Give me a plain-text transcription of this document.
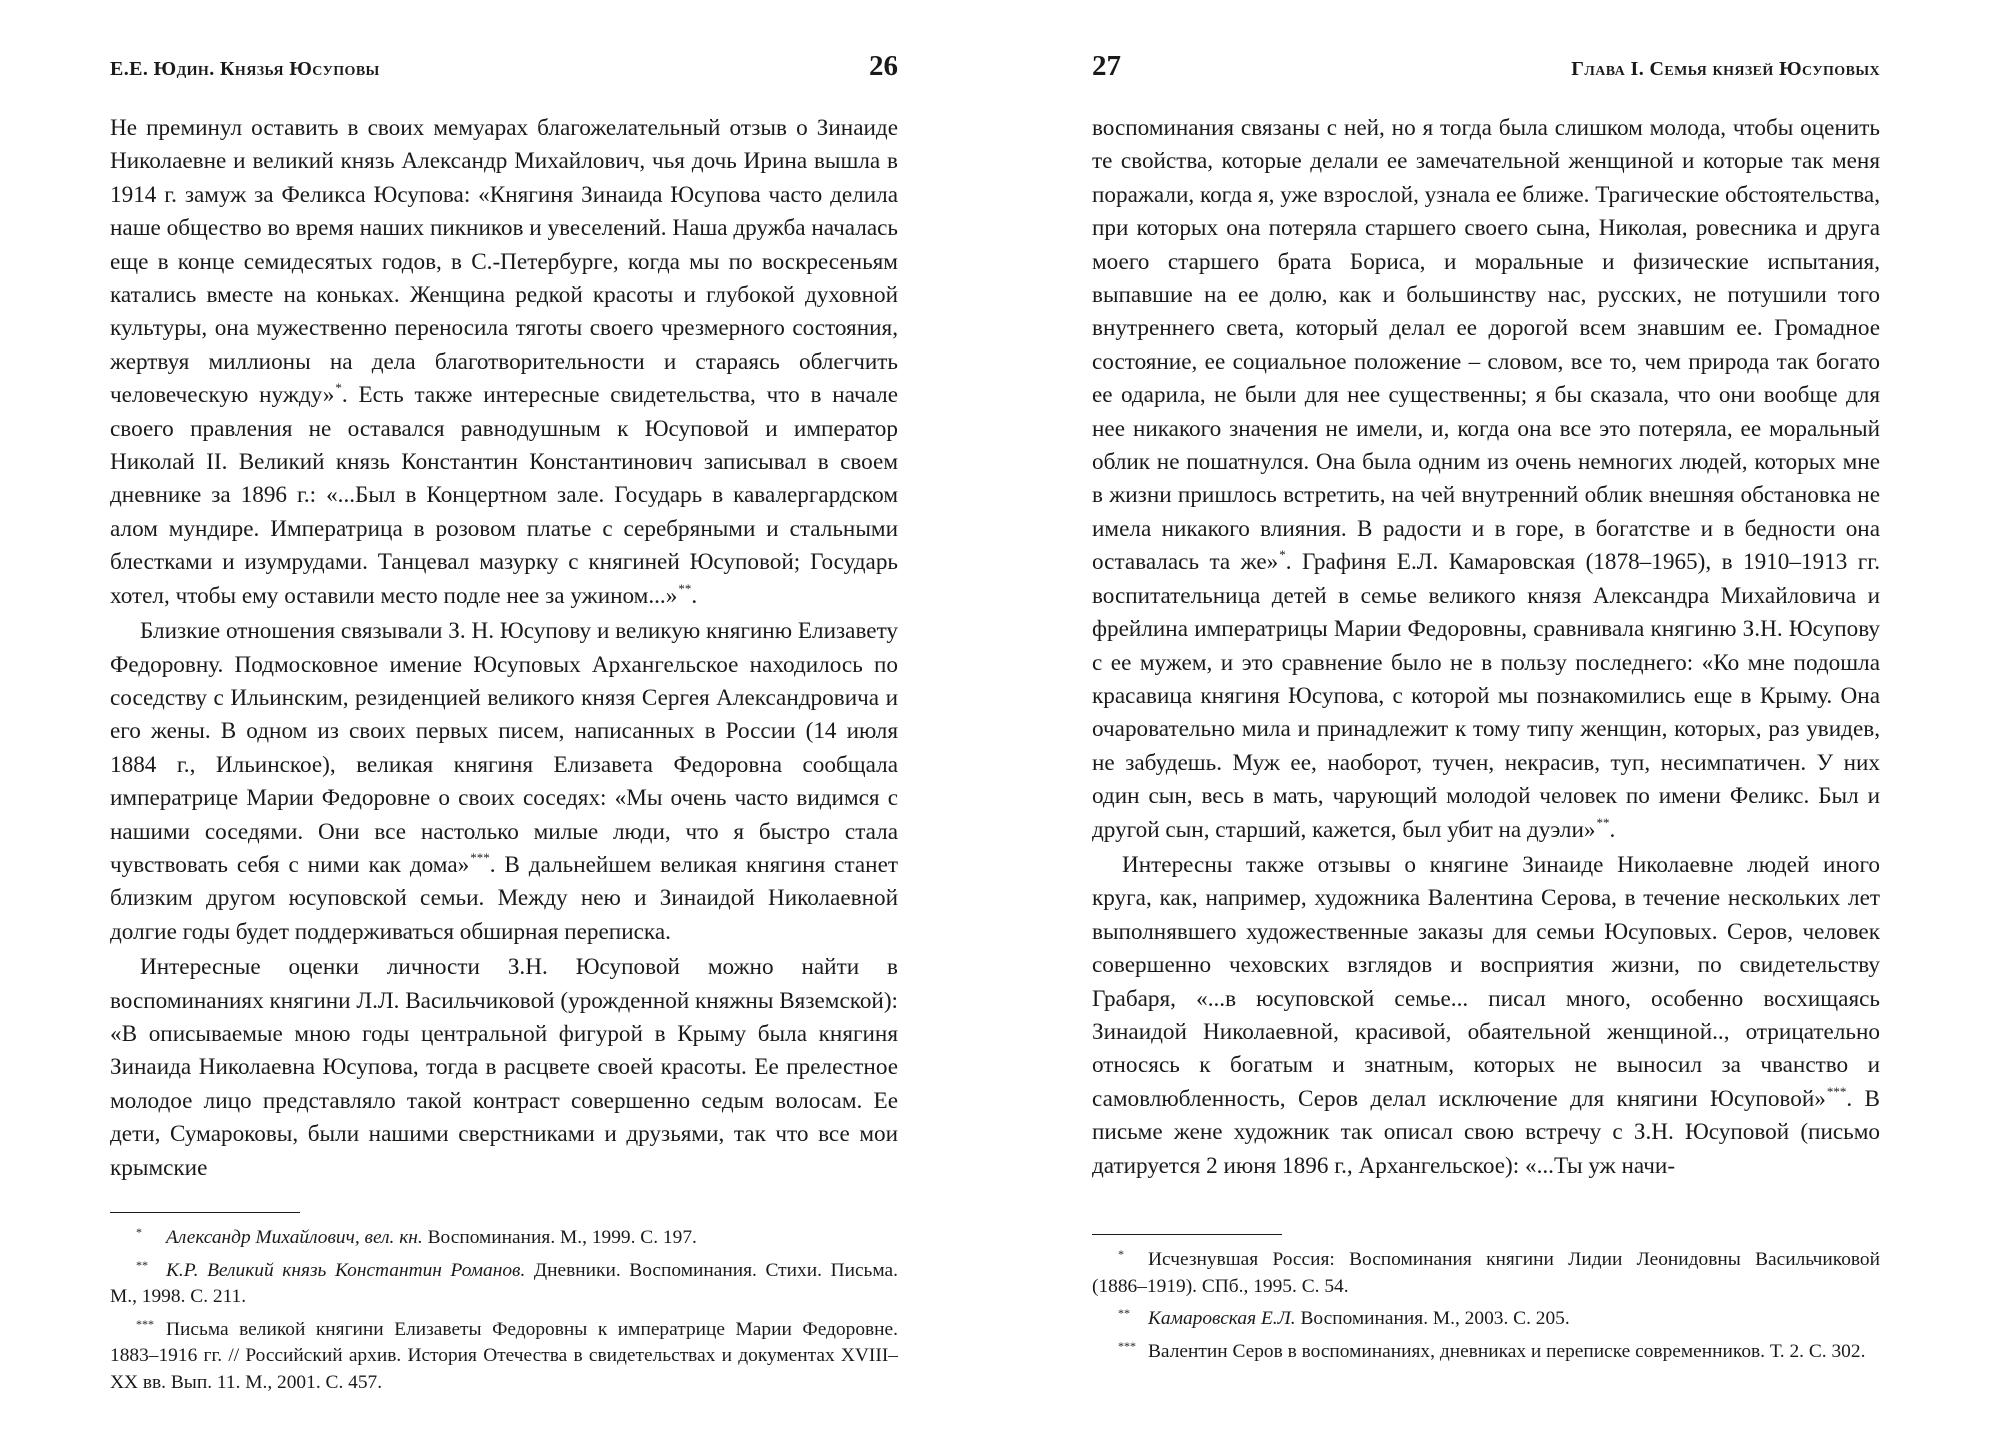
Е.Е. Юдин. Князья Юсуповы	26

Не преминул оставить в своих мемуарах благожелательный отзыв о Зинаиде Николаевне и великий князь Александр Михайлович, чья дочь Ирина вышла в 1914 г. замуж за Феликса Юсупова: «Княгиня Зинаида Юсупова часто делила наше общество во время наших пикников и увеселений. Наша дружба началась еще в конце семидесятых годов, в С.-Петербурге, когда мы по воскресеньям катались вместе на коньках. Женщина редкой красоты и глубокой духовной культуры, она мужественно переносила тяготы своего чрезмерного состояния, жертвуя миллионы на дела благотворительности и стараясь облегчить человеческую нужду»*. Есть также интересные свидетельства, что в начале своего правления не оставался равнодушным к Юсуповой и император Николай II. Великий князь Константин Константинович записывал в своем дневнике за 1896 г.: «...Был в Концертном зале. Государь в кавалергардском алом мундире. Императрица в розовом платье с серебряными и стальными блестками и изумрудами. Танцевал мазурку с княгиней Юсуповой; Государь хотел, чтобы ему оставили место подле нее за ужином...»**.

Близкие отношения связывали З. Н. Юсупову и великую княгиню Елизавету Федоровну. Подмосковное имение Юсуповых Архангельское находилось по соседству с Ильинским, резиденцией великого князя Сергея Александровича и его жены. В одном из своих первых писем, написанных в России (14 июля 1884 г., Ильинское), великая княгиня Елизавета Федоровна сообщала императрице Марии Федоровне о своих соседях: «Мы очень часто видимся с нашими соседями. Они все настолько милые люди, что я быстро стала чувствовать себя с ними как дома»***. В дальнейшем великая княгиня станет близким другом юсуповской семьи. Между нею и Зинаидой Николаевной долгие годы будет поддерживаться обширная переписка.

Интересные оценки личности З.Н. Юсуповой можно найти в воспоминаниях княгини Л.Л. Васильчиковой (урожденной княжны Вяземской): «В описываемые мною годы центральной фигурой в Крыму была княгиня Зинаида Николаевна Юсупова, тогда в расцвете своей красоты. Ее прелестное молодое лицо представляло такой контраст совершенно седым волосам. Ее дети, Сумароковы, были нашими сверстниками и друзьями, так что все мои крымские

* Александр Михайлович, вел. кн. Воспоминания. М., 1999. С. 197.
** К.Р. Великий князь Константин Романов. Дневники. Воспоминания. Стихи. Письма. М., 1998. С. 211.
*** Письма великой княгини Елизаветы Федоровны к императрице Марии Федоровне. 1883–1916 гг. // Российский архив. История Отечества в свидетельствах и документах XVIII–XX вв. Вып. 11. М., 2001. С. 457.
27	Глава I. Семья князей Юсуповых

воспоминания связаны с ней, но я тогда была слишком молода, чтобы оценить те свойства, которые делали ее замечательной женщиной и которые так меня поражали, когда я, уже взрослой, узнала ее ближе. Трагические обстоятельства, при которых она потеряла старшего своего сына, Николая, ровесника и друга моего старшего брата Бориса, и моральные и физические испытания, выпавшие на ее долю, как и большинству нас, русских, не потушили того внутреннего света, который делал ее дорогой всем знавшим ее. Громадное состояние, ее социальное положение – словом, все то, чем природа так богато ее одарила, не были для нее существенны; я бы сказала, что они вообще для нее никакого значения не имели, и, когда она все это потеряла, ее моральный облик не пошатнулся. Она была одним из очень немногих людей, которых мне в жизни пришлось встретить, на чей внутренний облик внешняя обстановка не имела никакого влияния. В радости и в горе, в богатстве и в бедности она оставалась та же»*. Графиня Е.Л. Камаровская (1878–1965), в 1910–1913 гг. воспитательница детей в семье великого князя Александра Михайловича и фрейлина императрицы Марии Федоровны, сравнивала княгиню З.Н. Юсупову с ее мужем, и это сравнение было не в пользу последнего: «Ко мне подошла красавица княгиня Юсупова, с которой мы познакомились еще в Крыму. Она очаровательно мила и принадлежит к тому типу женщин, которых, раз увидев, не забудешь. Муж ее, наоборот, тучен, некрасив, туп, несимпатичен. У них один сын, весь в мать, чарующий молодой человек по имени Феликс. Был и другой сын, старший, кажется, был убит на дуэли»**.

Интересны также отзывы о княгине Зинаиде Николаевне людей иного круга, как, например, художника Валентина Серова, в течение нескольких лет выполнявшего художественные заказы для семьи Юсуповых. Серов, человек совершенно чеховских взглядов и восприятия жизни, по свидетельству Грабаря, «...в юсуповской семье... писал много, особенно восхищаясь Зинаидой Николаевной, красивой, обаятельной женщиной.., отрицательно относясь к богатым и знатным, которых не выносил за чванство и самовлюбленность, Серов делал исключение для княгини Юсуповой»***. В письме жене художник так описал свою встречу с З.Н. Юсуповой (письмо датируется 2 июня 1896 г., Архангельское): «...Ты уж начи-

* Исчезнувшая Россия: Воспоминания княгини Лидии Леонидовны Васильчиковой (1886–1919). СПб., 1995. С. 54.
** Камаровская Е.Л. Воспоминания. М., 2003. С. 205.
*** Валентин Серов в воспоминаниях, дневниках и переписке современников. Т. 2. С. 302.
